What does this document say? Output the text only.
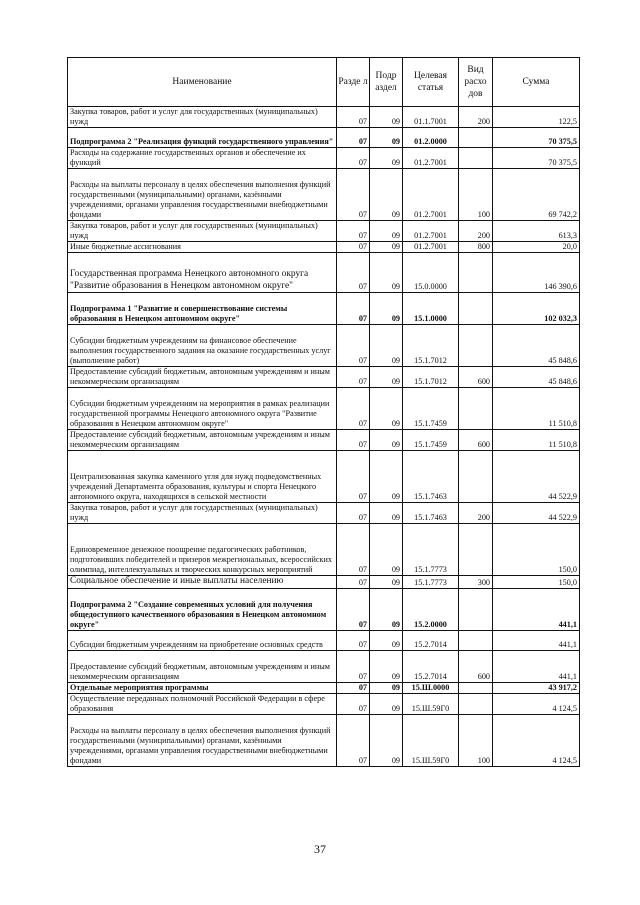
Наименование	Разде л	Подр аздел	Целевая статья	Вид расхо дов	Сумма
Закупка товаров, работ и услуг для государственных (муниципальных) нужд	07	09	01.1.7001	200	122,5
Подпрограмма 2 "Реализация функций государственного управления"	07	09	01.2.0000		70 375,5
Расходы на содержание государственных органов и обеспечение их функций	07	09	01.2.7001		70 375,5
Расходы на выплаты персоналу в целях обеспечения выполнения функций государственными (муниципальными) органами, казёнными учреждениями, органами управления государственными внебюджетными фондами	07	09	01.2.7001	100	69 742,2
Закупка товаров, работ и услуг для государственных (муниципальных) нужд	07	09	01.2.7001	200	613,3
Иные бюджетные ассигнования	07	09	01.2.7001	800	20,0
Государственная программа Ненецкого автономного округа "Развитие образования в Ненецком автономном округе"	07	09	15.0.0000		146 390,6
Подпрограмма 1 "Развитие и совершенствование системы образования в Ненецком автономном округе"	07	09	15.1.0000		102 032,3
Субсидии бюджетным учреждениям на финансовое обеспечение выполнения государственного задания на оказание государственных услуг (выполнение работ)	07	09	15.1.7012		45 848,6
Предоставление субсидий бюджетным, автономным учреждениям и иным некоммерческим организациям	07	09	15.1.7012	600	45 848,6
Субсидии бюджетным учреждениям на мероприятия в рамках реализации государственной программы Ненецкого автономного округа "Развитие образования в Ненецком автономном округе"	07	09	15.1.7459		11 510,8
Предоставление субсидий бюджетным, автономным учреждениям и иным некоммерческим организациям	07	09	15.1.7459	600	11 510,8
Централизованная закупка каменного угля для нужд подведомственных учреждений Департамента образования, культуры и спорта Ненецкого автономного округа, находящихся в сельской местности	07	09	15.1.7463		44 522,9
Закупка товаров, работ и услуг для государственных (муниципальных) нужд	07	09	15.1.7463	200	44 522,9
Единовременное денежное поощрение педагогических работников, подготовивших победителей и призеров межрегиональных, всероссийских олимпиад, интеллектуальных и творческих конкурсных мероприятий	07	09	15.1.7773		150,0
Социальное обеспечение и иные выплаты населению	07	09	15.1.7773	300	150,0
Подпрограмма 2 "Создание современных условий для получения общедоступного качественного образования в Ненецком автономном округе"	07	09	15.2.0000		441,1
Субсидии бюджетным учреждениям на приобретение основных средств	07	09	15.2.7014		441,1
Предоставление субсидий бюджетным, автономным учреждениям и иным некоммерческим организациям	07	09	15.2.7014	600	441,1
Отдельные мероприятия программы	07	09	15.Ш.0000		43 917,2
Осуществление переданных полномочий Российской Федерации в сфере образования	07	09	15.Ш.59Г0		4 124,5
Расходы на выплаты персоналу в целях обеспечения выполнения функций государственными (муниципальными) органами, казёнными учреждениями, органами управления государственными внебюджетными фондами	07	09	15.Ш.59Г0	100	4 124,5
37
